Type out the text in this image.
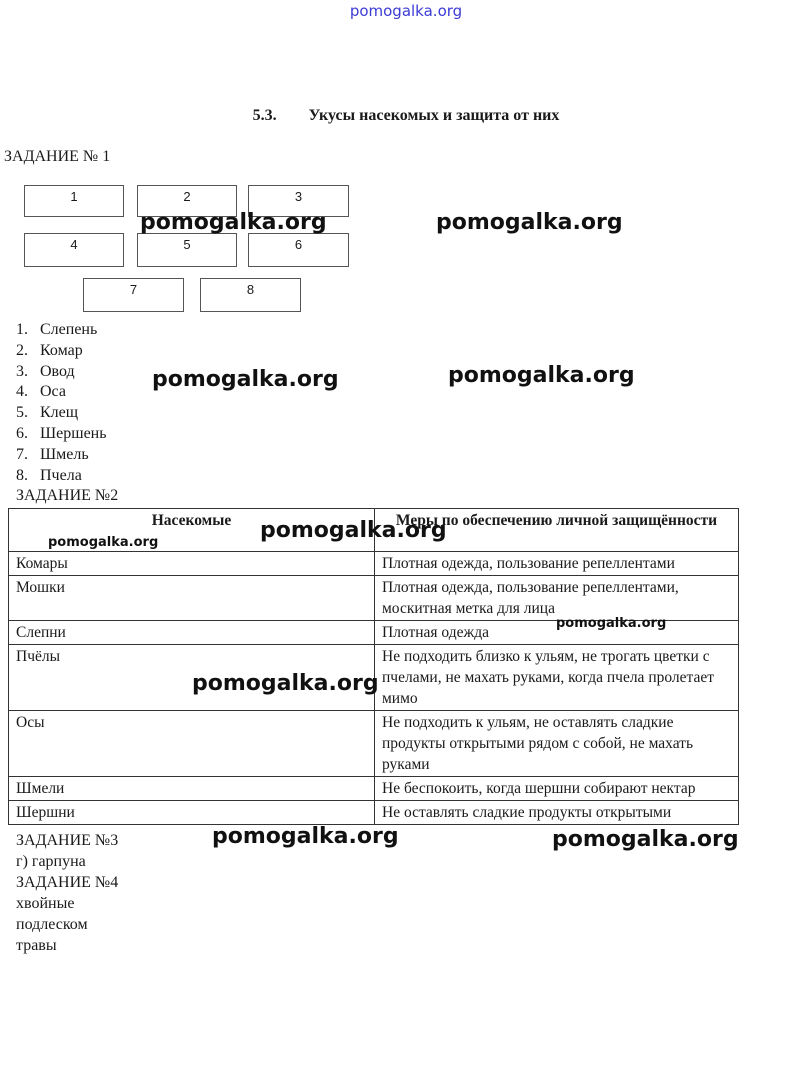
pomogalka.org
5.3. Укусы насекомых и защита от них
ЗАДАНИЕ № 1
1	2	3
4	5	6
7	8
1. Слепень
2. Комар
3. Овод
4. Оса
5. Клещ
6. Шершень
7. Шмель
8. Пчела
ЗАДАНИЕ №2
Насекомые	Меры по обеспечению личной защищённости
Комары	Плотная одежда, пользование репеллентами
Мошки	Плотная одежда, пользование репеллентами, москитная метка для лица
Слепни	Плотная одежда
Пчёлы	Не подходить близко к ульям, не трогать цветки с пчелами, не махать руками, когда пчела пролетает мимо
Осы	Не подходить к ульям, не оставлять сладкие продукты открытыми рядом с собой, не махать руками
Шмели	Не беспокоить, когда шершни собирают нектар
Шершни	Не оставлять сладкие продукты открытыми
ЗАДАНИЕ №3
г) гарпуна
ЗАДАНИЕ №4
хвойные
подлеском
травы
pomogalka.org	pomogalka.org
pomogalka.org	pomogalka.org
pomogalka.org
pomogalka.org
pomogalka.org
pomogalka.org
pomogalka.org	pomogalka.org
